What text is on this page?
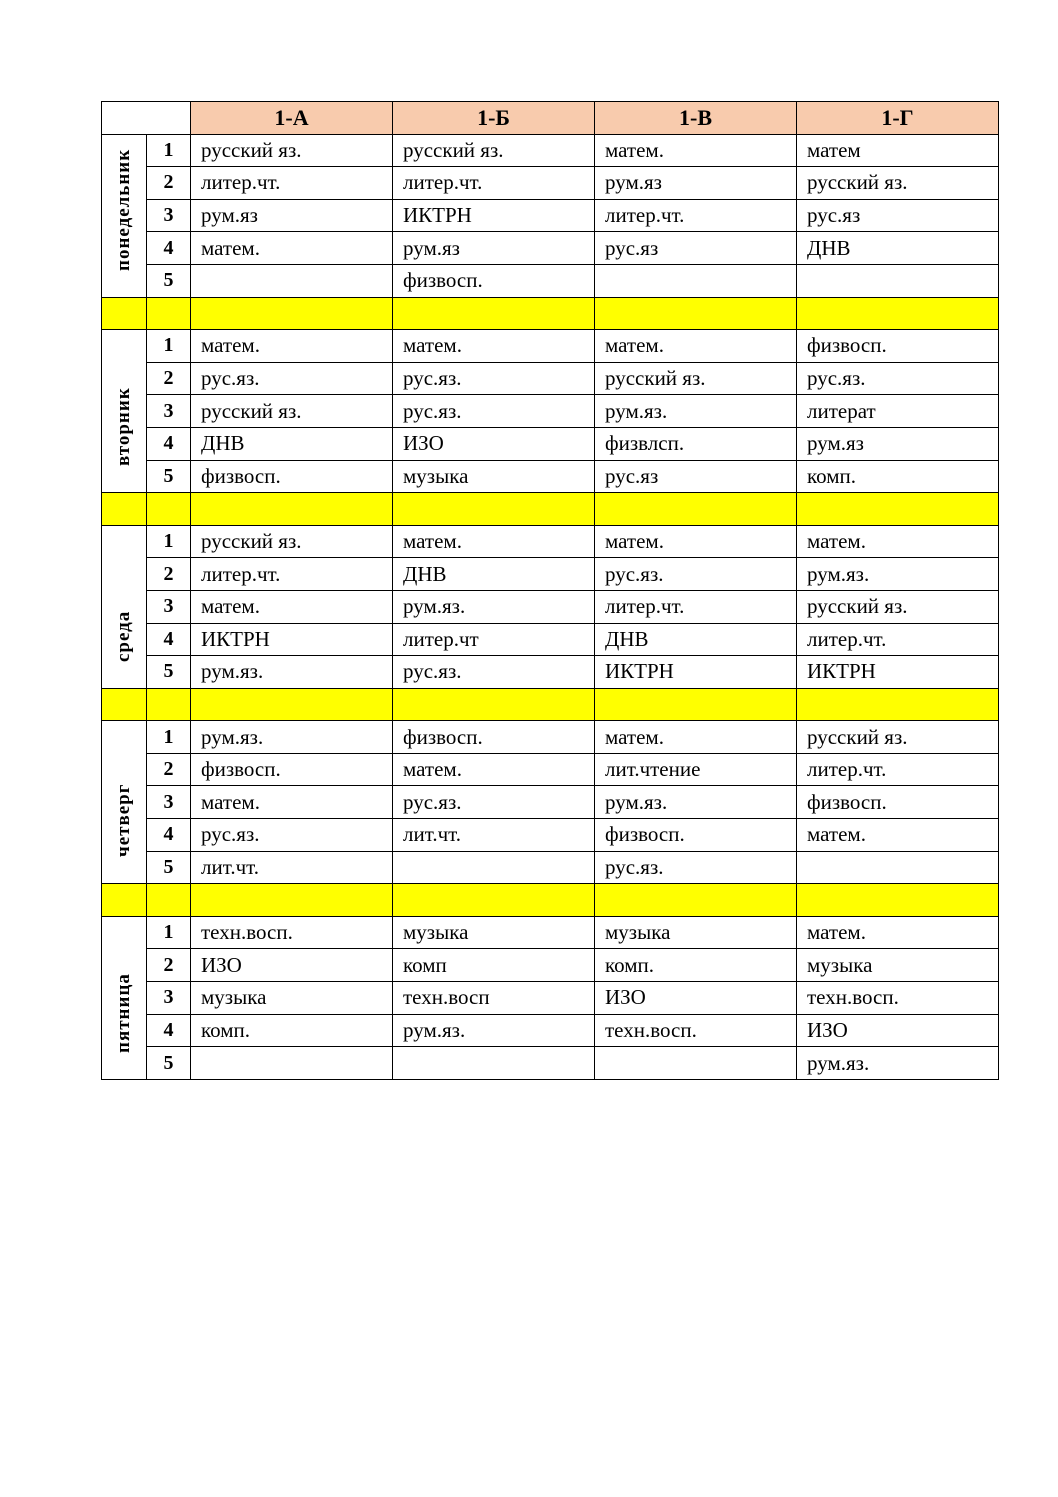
		1-А	1-Б	1-В	1-Г

понедельник	1	русский яз.	русский яз.	матем.	матем
	2	литер.чт.	литер.чт.	рум.яз	русский яз.
	3	рум.яз	ИКТРН	литер.чт.	рус.яз
	4	матем.	рум.яз	рус.яз	ДНВ
	5		физвосп.		

вторник	1	матем.	матем.	матем.	физвосп.
	2	рус.яз.	рус.яз.	русский яз.	рус.яз.
	3	русский яз.	рус.яз.	рум.яз.	литерат
	4	ДНВ	ИЗО	физвлсп.	рум.яз
	5	физвосп.	музыка	рус.яз	комп.

среда	1	русский яз.	матем.	матем.	матем.
	2	литер.чт.	ДНВ	рус.яз.	рум.яз.
	3	матем.	рум.яз.	литер.чт.	русский яз.
	4	ИКТРН	литер.чт	ДНВ	литер.чт.
	5	рум.яз.	рус.яз.	ИКТРН	ИКТРН

четверг	1	рум.яз.	физвосп.	матем.	русский яз.
	2	физвосп.	матем.	лит.чтение	литер.чт.
	3	матем.	рус.яз.	рум.яз.	физвосп.
	4	рус.яз.	лит.чт.	физвосп.	матем.
	5	лит.чт.		рус.яз.	

пятница	1	техн.восп.	музыка	музыка	матем.
	2	ИЗО	комп	комп.	музыка
	3	музыка	техн.восп	ИЗО	техн.восп.
	4	комп.	рум.яз.	техн.восп.	ИЗО
	5				рум.яз.
